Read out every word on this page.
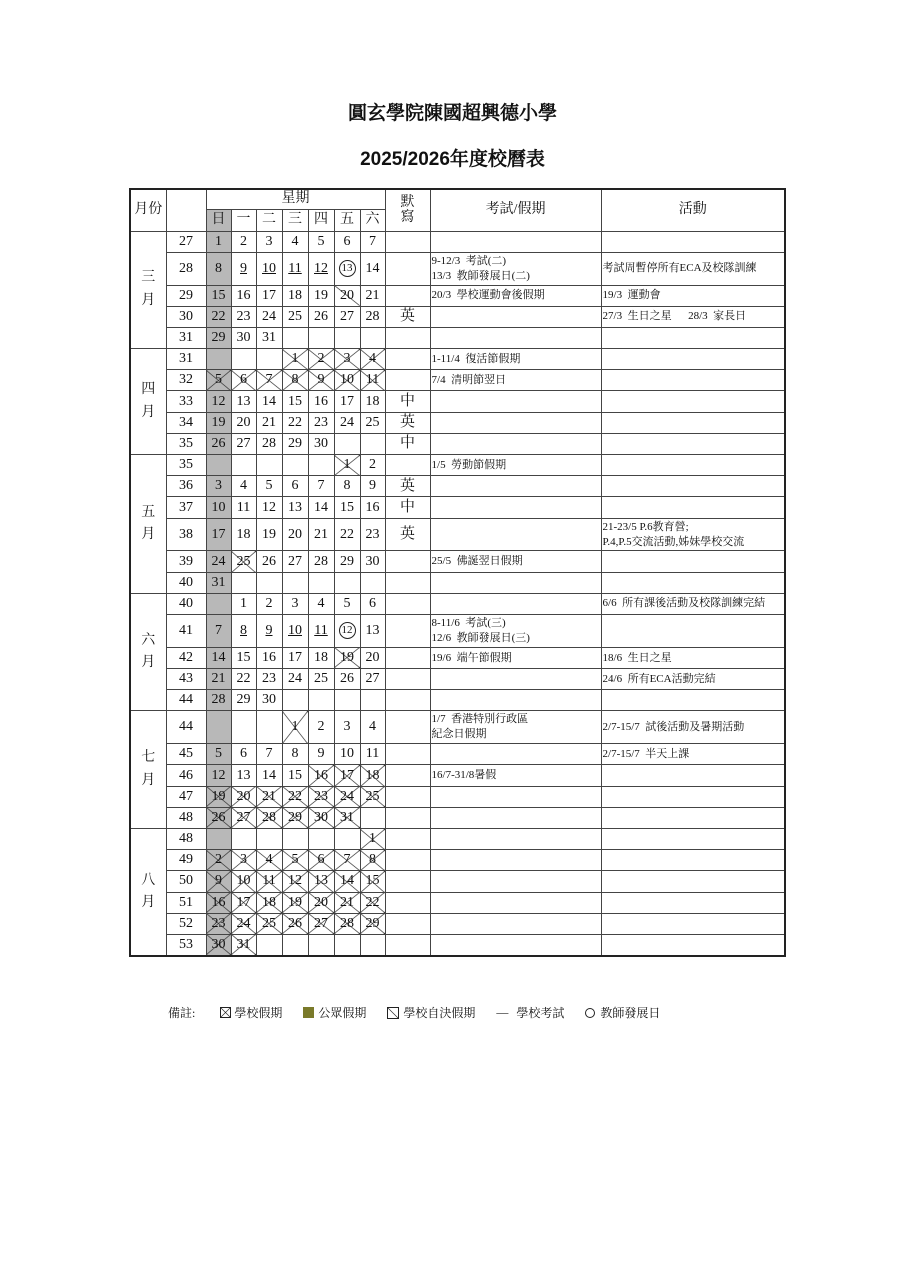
圓玄學院陳國超興德小學
2025/2026年度校曆表
月份		星期							默
寫	考試/假期	活動
		日	一	二	三	四	五	六			
三
月	27	1	2	3	4	5	6	7			
	28	8	9	10	11	12	13	14		9-12/3  考試(二)
13/3  教師發展日(二)	考試周暫停所有ECA及校隊訓練
	29	15	16	17	18	19	20	21		20/3  學校運動會後假期	19/3  運動會
	30	22	23	24	25	26	27	28	英		27/3  生日之星      28/3  家長日
	31	29	30	31							
四
月	31				1	2	3	4		1-11/4  復活節假期	
	32	5	6	7	8	9	10	11		7/4  清明節翌日	
	33	12	13	14	15	16	17	18	中		
	34	19	20	21	22	23	24	25	英		
	35	26	27	28	29	30			中		
五
月	35						1	2		1/5  勞動節假期	
	36	3	4	5	6	7	8	9	英		
	37	10	11	12	13	14	15	16	中		
	38	17	18	19	20	21	22	23	英		21-23/5 P.6教育營;
P.4,P.5交流活動,姊妹學校交流
	39	24	25	26	27	28	29	30		25/5  佛誕翌日假期	
	40	31									
六
月	40		1	2	3	4	5	6			6/6  所有課後活動及校隊訓練完結
	41	7	8	9	10	11	12	13		8-11/6  考試(三)
12/6  教師發展日(三)	
	42	14	15	16	17	18	19	20		19/6  端午節假期	18/6  生日之星
	43	21	22	23	24	25	26	27			24/6  所有ECA活動完結
	44	28	29	30							
七
月	44				1	2	3	4		1/7  香港特別行政區
紀念日假期	2/7-15/7  試後活動及暑期活動
	45	5	6	7	8	9	10	11			2/7-15/7  半天上課
	46	12	13	14	15	16	17	18		16/7-31/8暑假	
	47	19	20	21	22	23	24	25			
	48	26	27	28	29	30	31				
八
月	48							1			
	49	2	3	4	5	6	7	8			
	50	9	10	11	12	13	14	15			
	51	16	17	18	19	20	21	22			
	52	23	24	25	26	27	28	29			
	53	30	31								
備註:	學校假期	公眾假期	學校自決假期 — 學校考試	教師發展日
